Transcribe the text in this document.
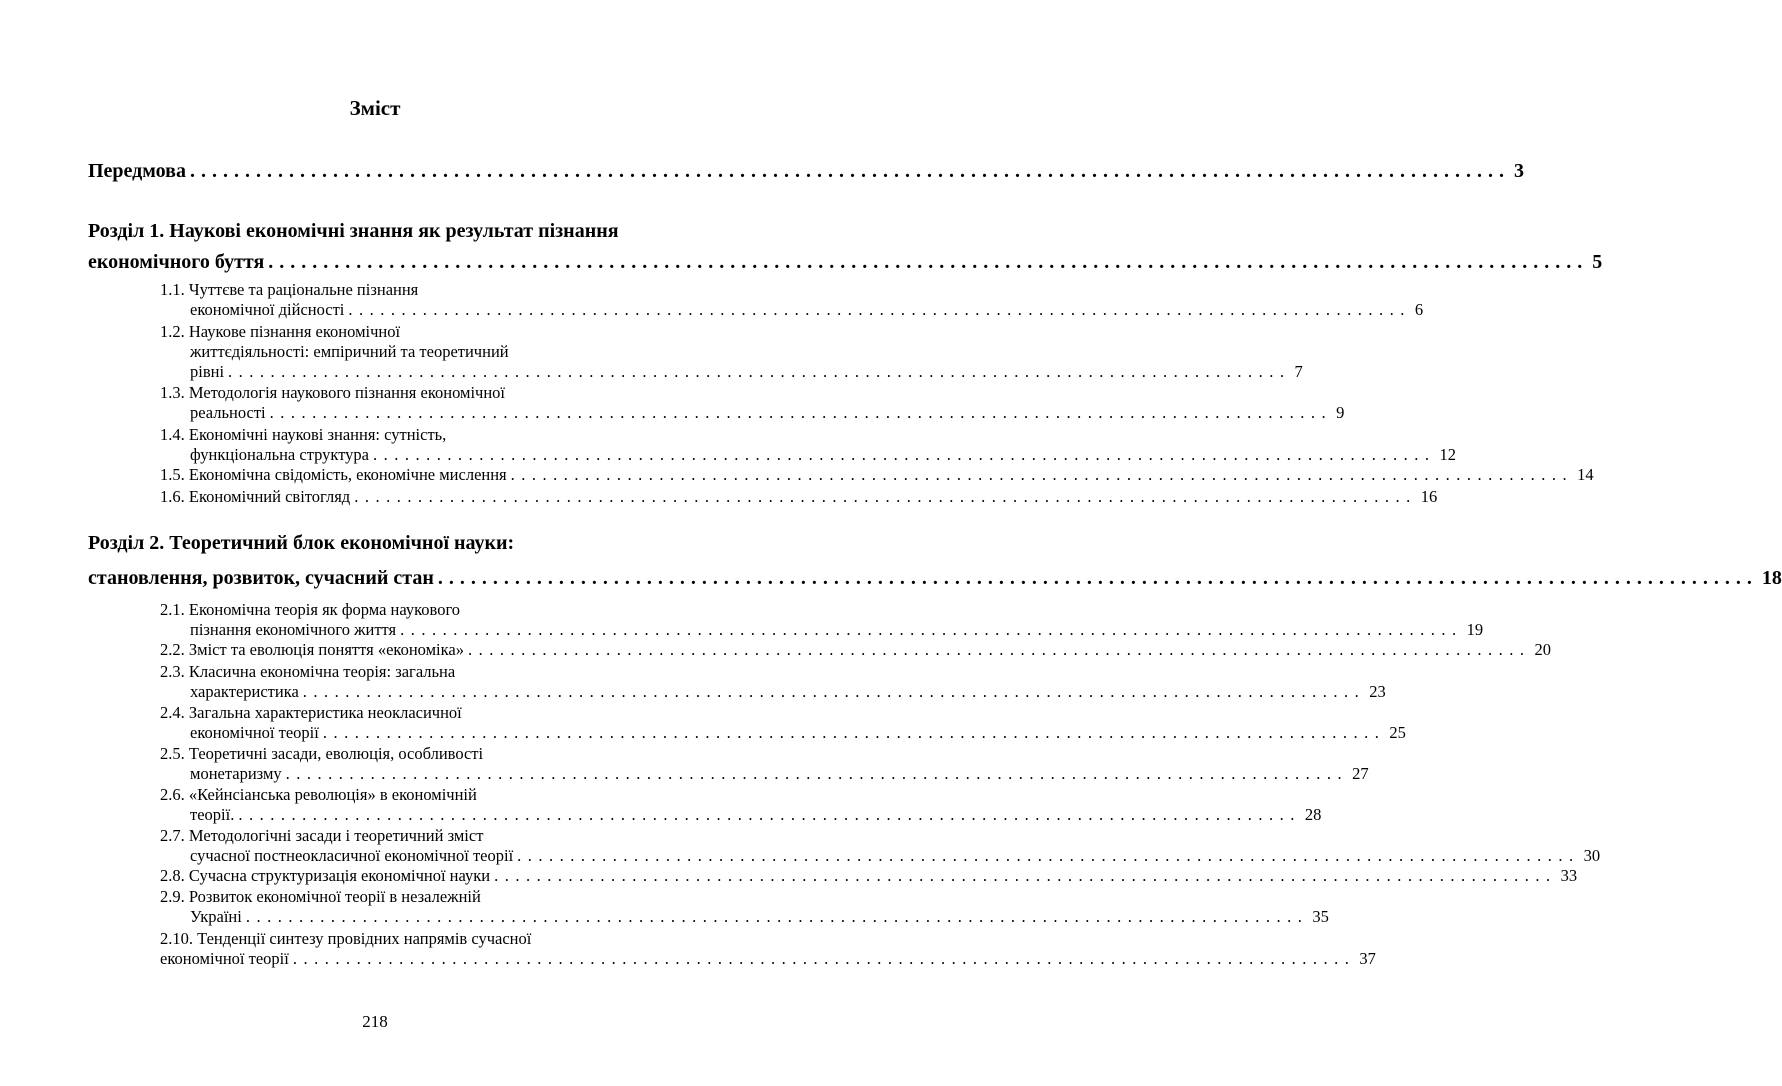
Зміст
Передмова ........................................................................................................................ 3
Розділ 1. Наукові економічні знання як результат пізнання
економічного буття ........................................................................................................................ 5
1.1.
Чуттєве та раціональне пізнання
економічної дійсності .................................................................................................... 6
1.2.
Наукове пізнання економічної
життєдіяльності: емпіричний та теоретичний
рівні .................................................................................................... 7
1.3.
Методологія наукового пізнання економічної
реальності .................................................................................................... 9
1.4.
Економічні наукові знання: сутність,
функціональна структура .................................................................................................... 12
1.5.
Економічна свідомість, економічне мислення .................................................................................................... 14
1.6.
Економічний світогляд .................................................................................................... 16
Розділ 2. Теоретичний блок економічної науки:
становлення, розвиток, сучасний стан ........................................................................................................................ 18
2.1.
Економічна теорія як форма наукового
пізнання економічного життя .................................................................................................... 19
2.2.
Зміст та еволюція поняття «економіка» .................................................................................................... 20
2.3.
Класична економічна теорія: загальна
характеристика .................................................................................................... 23
2.4.
Загальна характеристика неокласичної
економічної теорії .................................................................................................... 25
2.5.
Теоретичні засади, еволюція, особливості
монетаризму .................................................................................................... 27
2.6.
«Кейнсіанська революція» в економічній
теорії. .................................................................................................... 28
2.7.
Методологічні засади і теоретичний зміст
сучасної постнеокласичної економічної теорії .................................................................................................... 30
2.8.
Сучасна структуризація економічної науки .................................................................................................... 33
2.9.
Розвиток економічної теорії в незалежній
Україні .................................................................................................... 35
2.10.
Тенденції синтезу провідних напрямів сучасної
економічної теорії .................................................................................................... 37
218
